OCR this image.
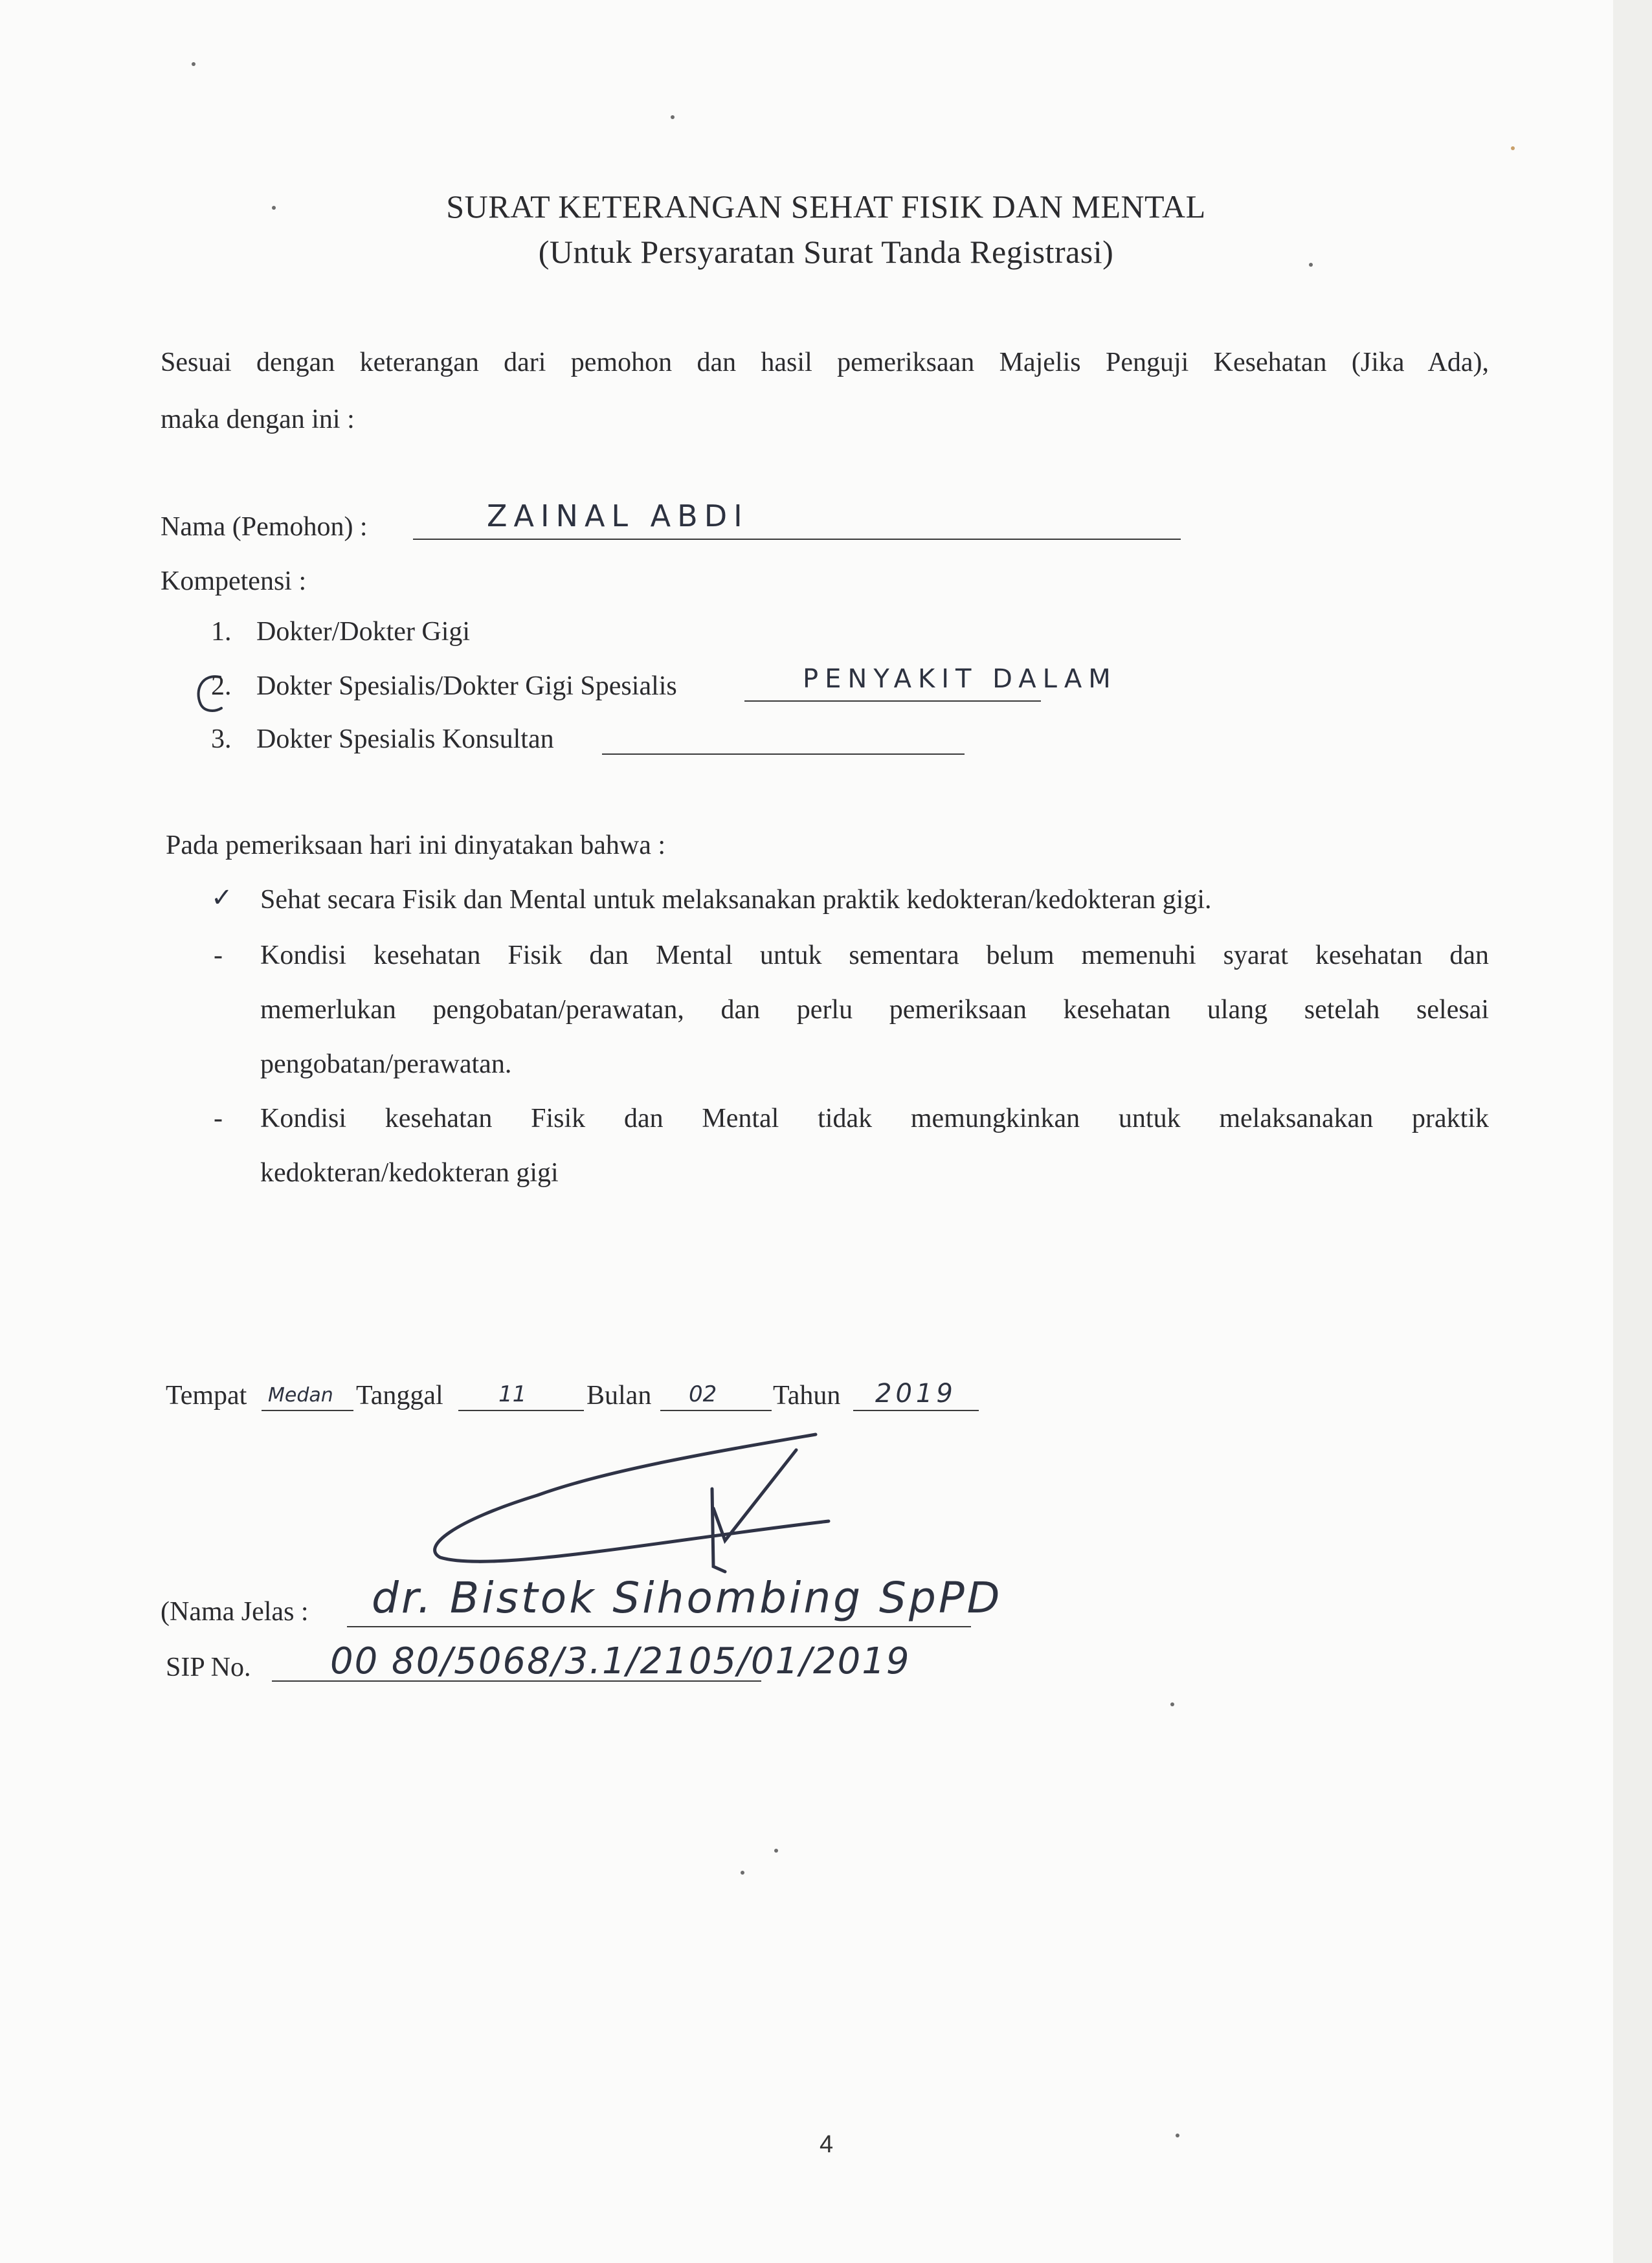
SURAT KETERANGAN SEHAT FISIK DAN MENTAL
(Untuk Persyaratan Surat Tanda Registrasi)
Sesuai dengan keterangan dari pemohon dan hasil pemeriksaan Majelis Penguji Kesehatan (Jika Ada),
maka dengan ini :
Nama (Pemohon) :	ZAINAL ABDI
Kompetensi :
1. Dokter/Dokter Gigi
2. Dokter Spesialis/Dokter Gigi Spesialis	PENYAKIT DALAM
3. Dokter Spesialis Konsultan
Pada pemeriksaan hari ini dinyatakan bahwa :
✓ Sehat secara Fisik dan Mental untuk melaksanakan praktik kedokteran/kedokteran gigi.
- Kondisi kesehatan Fisik dan Mental untuk sementara belum memenuhi syarat kesehatan dan
memerlukan pengobatan/perawatan, dan perlu pemeriksaan kesehatan ulang setelah selesai
pengobatan/perawatan.
- Kondisi kesehatan Fisik dan Mental tidak memungkinkan untuk melaksanakan praktik
kedokteran/kedokteran gigi
Tempat Medan Tanggal	11 Bulan 02 Tahun 2019
(Nama Jelas : dr. Bistok Sihombing SpPD
SIP No. 00 80/5068/3.1/2105/01/2019
4
